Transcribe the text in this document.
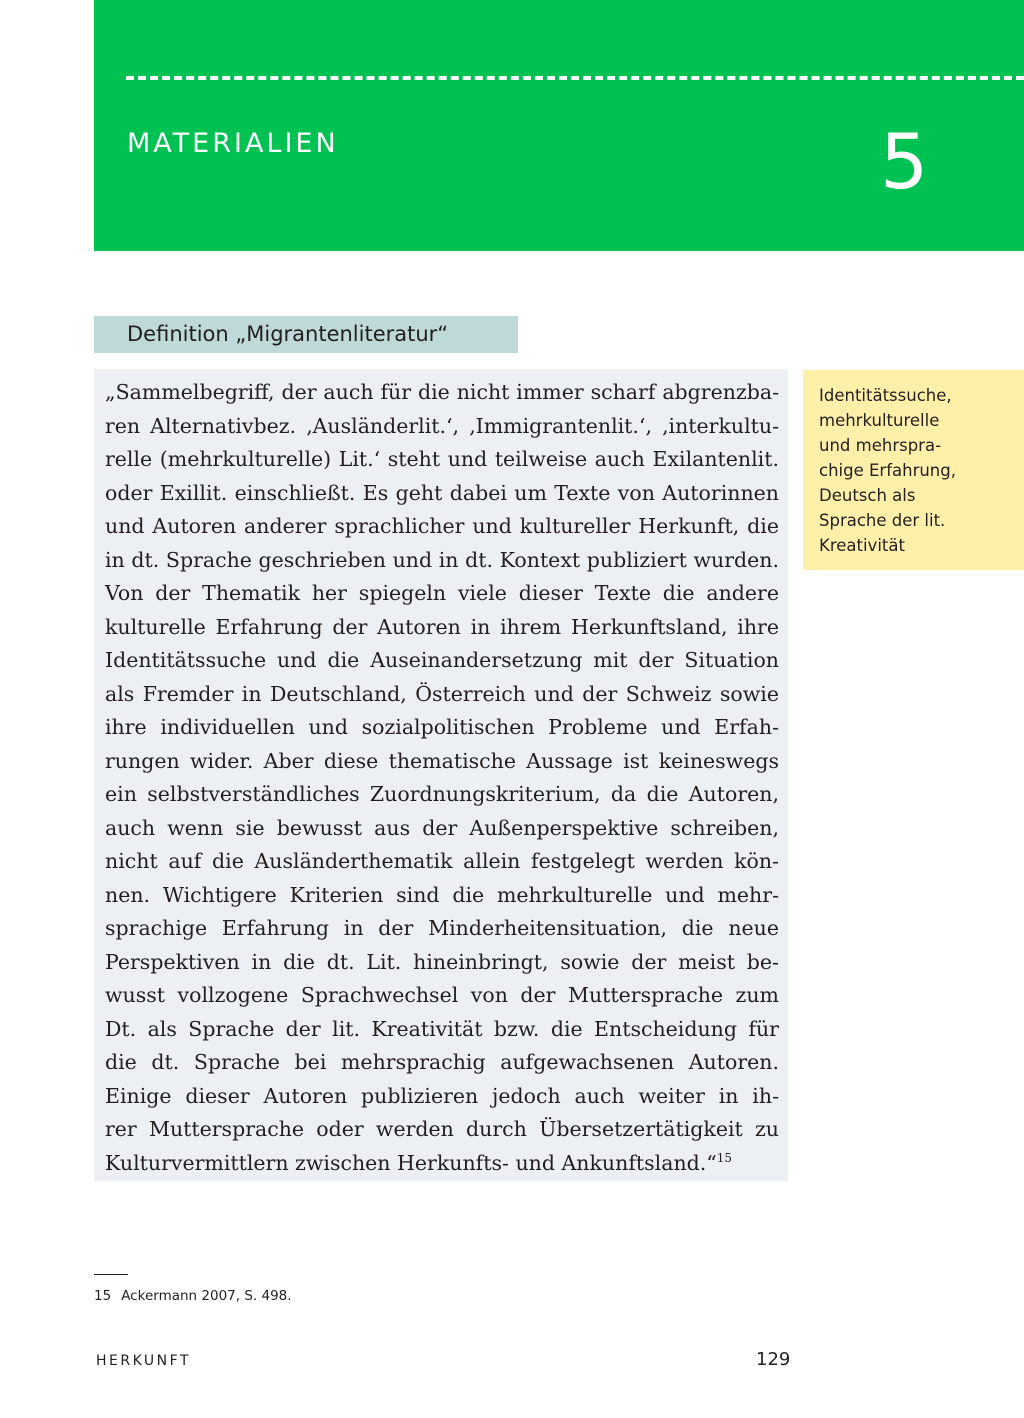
MATERIALIEN	5
Definition „Migrantenliteratur“
„Sammelbegriff, der auch für die nicht immer scharf abgrenzba-
ren Alternativbez. ‚Ausländerlit.‘, ‚Immigrantenlit.‘, ‚interkultu-
relle (mehrkulturelle) Lit.‘ steht und teilweise auch Exilantenlit.
oder Exillit. einschließt. Es geht dabei um Texte von Autorinnen
und Autoren anderer sprachlicher und kultureller Herkunft, die
in dt. Sprache geschrieben und in dt. Kontext publiziert wurden.
Von der Thematik her spiegeln viele dieser Texte die andere
kulturelle Erfahrung der Autoren in ihrem Herkunftsland, ihre
Identitätssuche und die Auseinandersetzung mit der Situation
als Fremder in Deutschland, Österreich und der Schweiz sowie
ihre individuellen und sozialpolitischen Probleme und Erfah-
rungen wider. Aber diese thematische Aussage ist keineswegs
ein selbstverständliches Zuordnungskriterium, da die Autoren,
auch wenn sie bewusst aus der Außenperspektive schreiben,
nicht auf die Ausländerthematik allein festgelegt werden kön-
nen. Wichtigere Kriterien sind die mehrkulturelle und mehr-
sprachige Erfahrung in der Minderheitensituation, die neue
Perspektiven in die dt. Lit. hineinbringt, sowie der meist be-
wusst vollzogene Sprachwechsel von der Muttersprache zum
Dt. als Sprache der lit. Kreativität bzw. die Entscheidung für
die dt. Sprache bei mehrsprachig aufgewachsenen Autoren.
Einige dieser Autoren publizieren jedoch auch weiter in ih-
rer Muttersprache oder werden durch Übersetzertätigkeit zu
Kulturvermittlern zwischen Herkunfts- und Ankunftsland.“$^{15}$
Identitätssuche,
mehrkulturelle
und mehrspra-
chige Erfahrung,
Deutsch als
Sprache der lit.
Kreativität
15 Ackermann 2007, S. 498.
HERKUNFT	129
